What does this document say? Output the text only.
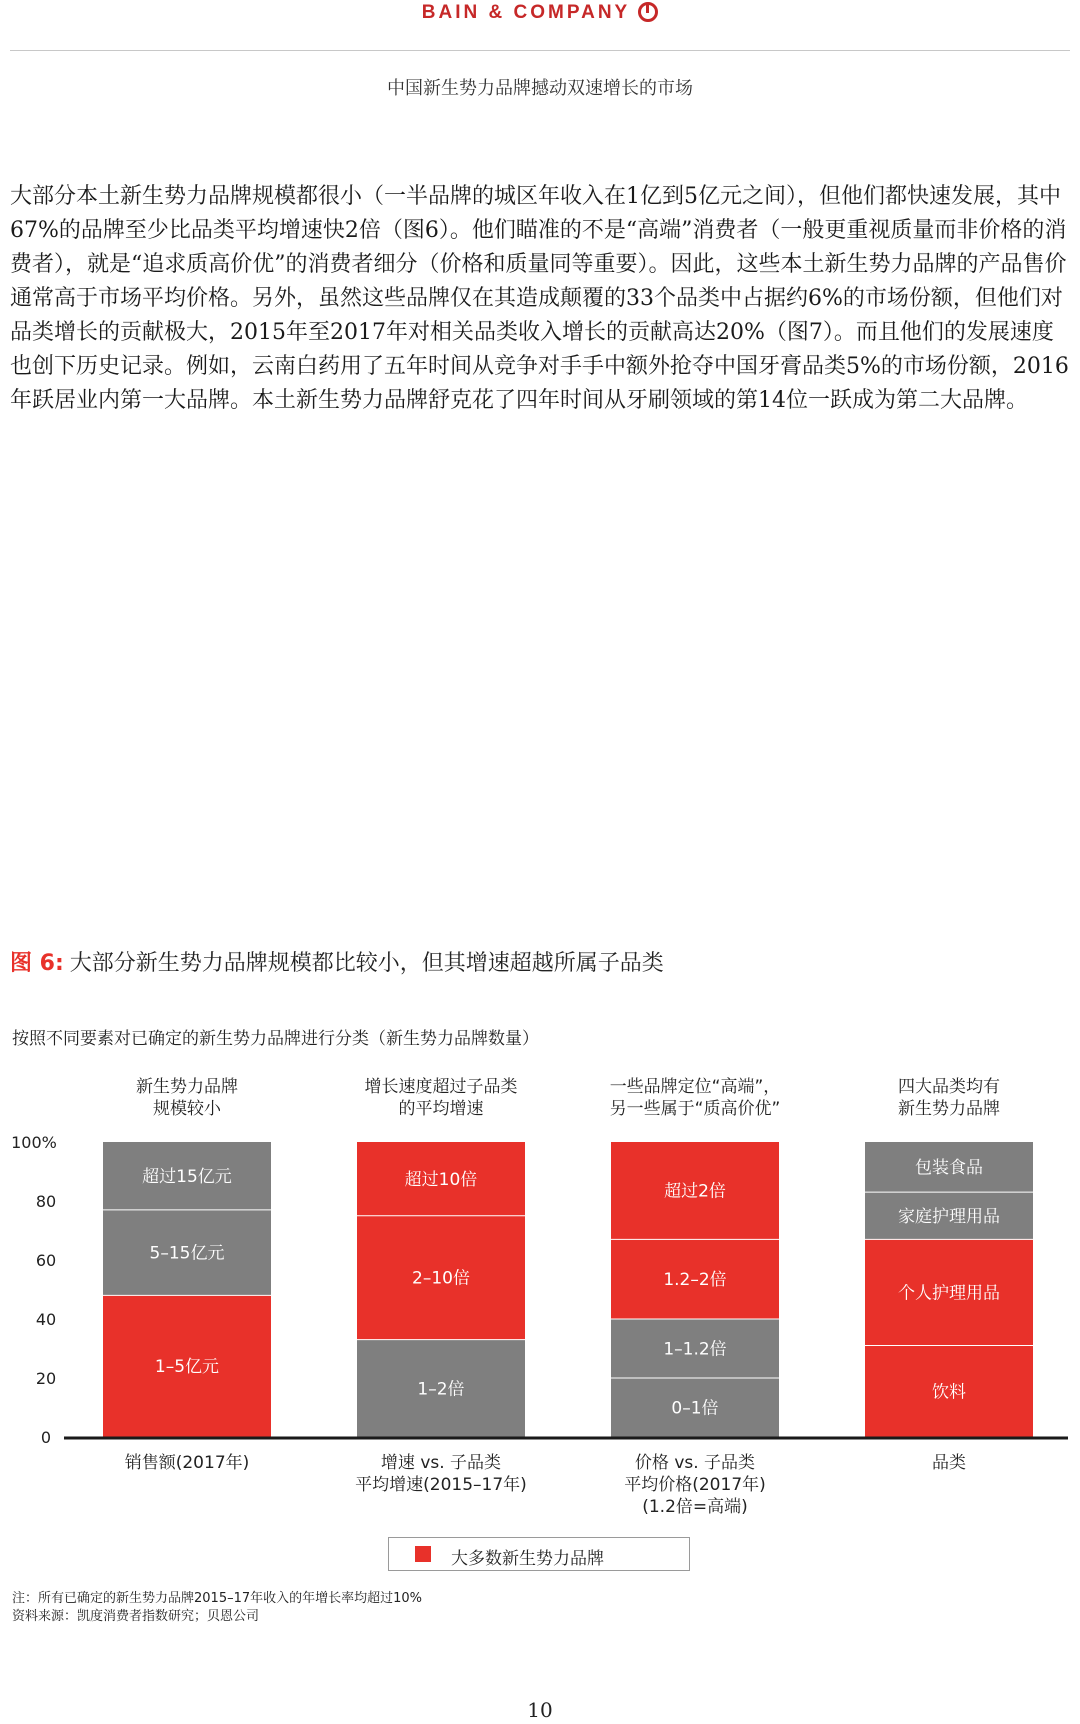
BAIN & COMPANY
中国新生势力品牌撼动双速增长的市场

大部分本土新生势力品牌规模都很小（一半品牌的城区年收入在1亿到5亿元之间），但他们都快速发展，其中67%的品牌至少比品类平均增速快2倍（图6）。他们瞄准的不是“高端”消费者（一般更重视质量而非价格的消费者），就是“追求质高价优”的消费者细分（价格和质量同等重要）。因此，这些本土新生势力品牌的产品售价通常高于市场平均价格。另外，虽然这些品牌仅在其造成颠覆的33个品类中占据约6%的市场份额，但他们对品类增长的贡献极大，2015年至2017年对相关品类收入增长的贡献高达20%（图7）。而且他们的发展速度也创下历史记录。例如，云南白药用了五年时间从竞争对手手中额外抢夺中国牙膏品类5%的市场份额，2016年跃居业内第一大品牌。本土新生势力品牌舒克花了四年时间从牙刷领域的第14位一跃成为第二大品牌。

图 6: 大部分新生势力品牌规模都比较小，但其增速超越所属子品类
按照不同要素对已确定的新生势力品牌进行分类（新生势力品牌数量）
100%
80
60
40
20
0
1–5亿元
5–15亿元
超过15亿元
新生势力品牌
规模较小
销售额(2017年)
1–2倍
2–10倍
超过10倍
增长速度超过子品类
的平均增速
增速 vs. 子品类
平均增速(2015–17年)
0–1倍
1–1.2倍
1.2–2倍
超过2倍
一些品牌定位“高端”，
另一些属于“质高价优”
价格 vs. 子品类
平均价格(2017年)
(1.2倍=高端)
饮料
个人护理用品
家庭护理用品
包装食品
四大品类均有
新生势力品牌
品类
大多数新生势力品牌
注：所有已确定的新生势力品牌2015–17年收入的年增长率均超过10%
资料来源：凯度消费者指数研究；贝恩公司
10
